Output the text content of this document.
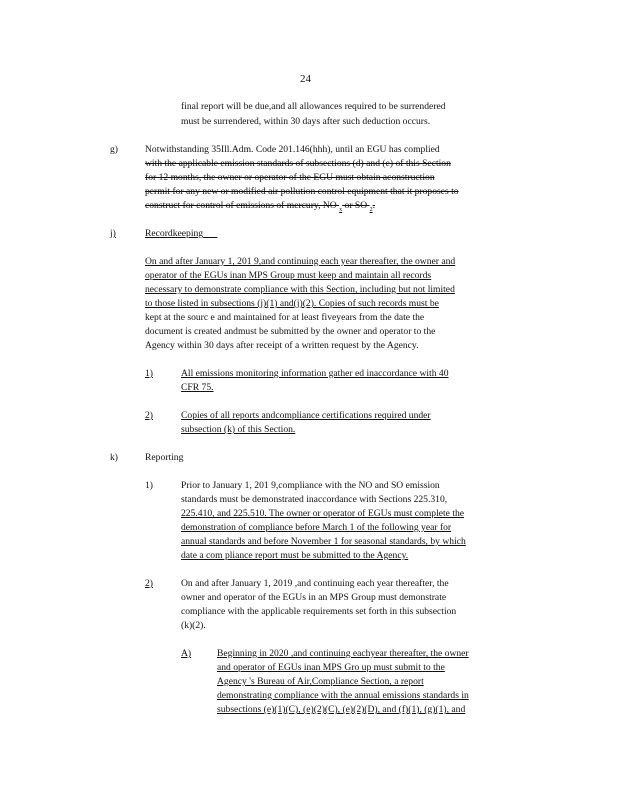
24
final report will be due,and all allowances required to be surrendered
must be surrendered, within 30 days after such deduction occurs.
g)	Notwithstanding 35Ill.Adm. Code 201.146(hhh), until an EGU has complied
with the applicable emission standards of subsections (d) and (e) of this Section
for 12 months, the owner or operator of the EGU must obtain aconstruction
permit for any new or modified air pollution control equipment that it proposes to
construct for control of emissions of mercury, NO $_x$ or SO $_2$.
j)	Recordkeeping
On and after January 1, 201 9,and continuing each year thereafter, the owner and
operator of the EGUs inan MPS Group must keep and maintain all records
necessary to demonstrate compliance with this Section, including but not limited
to those listed in subsections (j)(1) and(j)(2). Copies of such records must be
kept at the sourc e and maintained for at least fiveyears from the date the
document is created andmust be submitted by the owner and operator to the
Agency within 30 days after receipt of a written request by the Agency.
1)	All emissions monitoring information gather ed inaccordance with 40
CFR 75.
2)	Copies of all reports andcompliance certifications required under
subsection (k) of this Section.
k)	Reporting
1)	Prior to January 1, 201 9,compliance with the NO and SO emission
standards must be demonstrated inaccordance with Sections 225.310,
225.410, and 225.510. The owner or operator of EGUs must complete the
demonstration of compliance before March 1 of the following year for
annual standards and before November 1 for seasonal standards, by which
date a com pliance report must be submitted to the Agency.
2)	On and after January 1, 2019 ,and continuing each year thereafter, the
owner and operator of the EGUs in an MPS Group must demonstrate
compliance with the applicable requirements set forth in this subsection
(k)(2).
A)	Beginning in 2020 ,and continuing eachyear thereafter, the owner
and operator of EGUs inan MPS Gro up must submit to the
Agency 's Bureau of Air,Compliance Section, a report
demonstrating compliance with the annual emissions standards in
subsections (e)(1)(C), (e)(2)(C), (e)(2)(D), and (f)(1), (g)(1), and
